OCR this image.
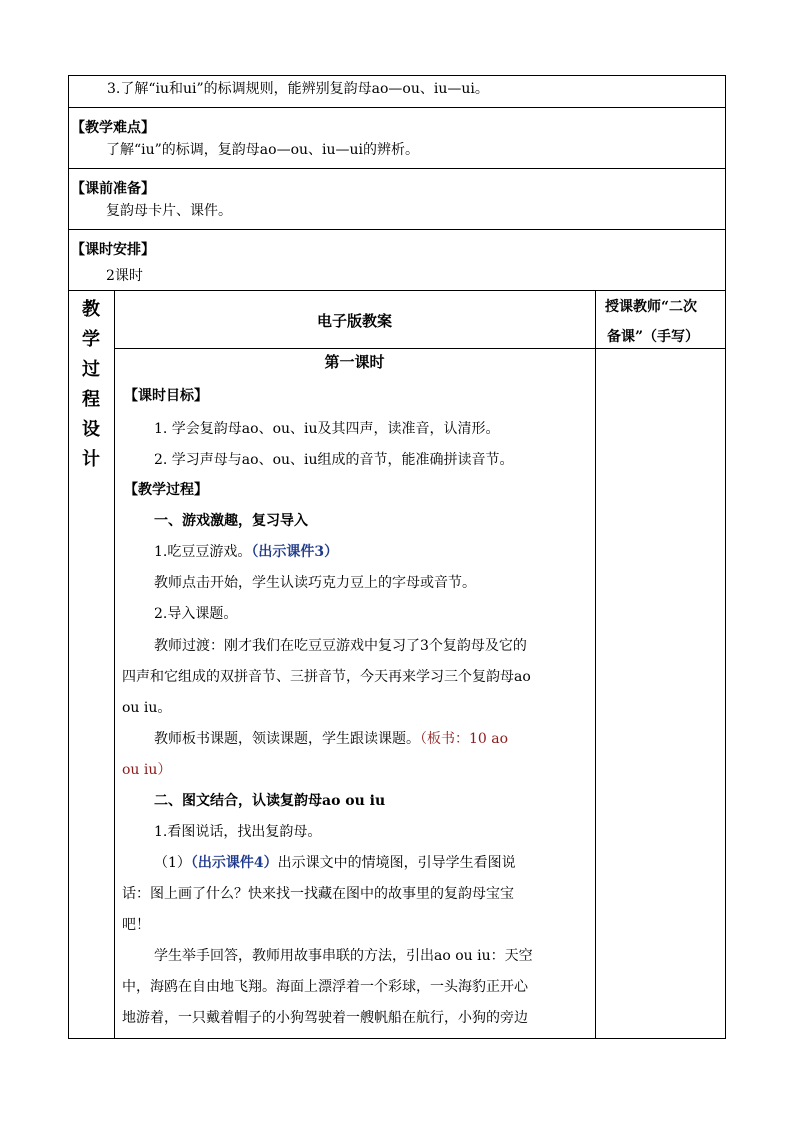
3.了解“iu和ui”的标调规则，能辨别复韵母ao—ou、iu—ui。
【教学难点】
了解“iu”的标调，复韵母ao—ou、iu—ui的辨析。
【课前准备】
复韵母卡片、课件。
【课时安排】
2课时
教
学
过
程
设
计
电子版教案
授课教师“二次
备课”（手写）
第一课时
【课时目标】
1. 学会复韵母ao、ou、iu及其四声，读准音，认清形。
2. 学习声母与ao、ou、iu组成的音节，能准确拼读音节。
【教学过程】
一、游戏激趣，复习导入
1.吃豆豆游戏。（出示课件3）
教师点击开始，学生认读巧克力豆上的字母或音节。
2.导入课题。
教师过渡：刚才我们在吃豆豆游戏中复习了3个复韵母及它的
四声和它组成的双拼音节、三拼音节，今天再来学习三个复韵母ao
ou iu。
教师板书课题，领读课题，学生跟读课题。（板书：10 ao
ou iu）
二、图文结合，认读复韵母ao ou iu
1.看图说话，找出复韵母。
（1）（出示课件4）出示课文中的情境图，引导学生看图说
话：图上画了什么？快来找一找藏在图中的故事里的复韵母宝宝
吧！
学生举手回答，教师用故事串联的方法，引出ao ou iu：天空
中，海鸥在自由地飞翔。海面上漂浮着一个彩球，一头海豹正开心
地游着，一只戴着帽子的小狗驾驶着一艘帆船在航行，小狗的旁边
